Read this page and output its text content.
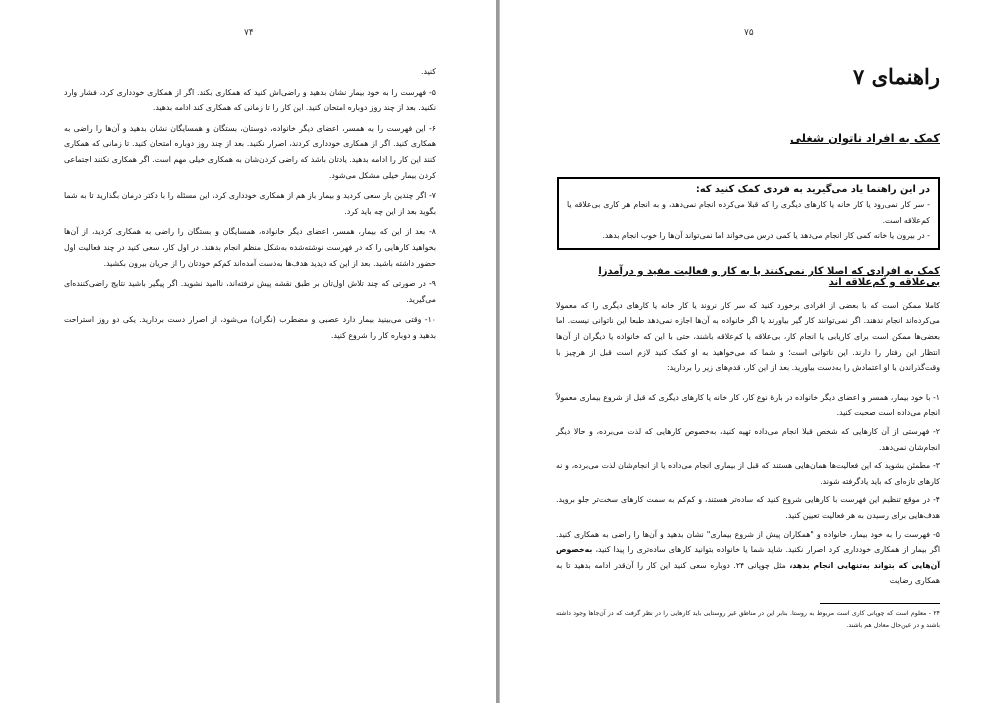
۷۴

کنید.

۵- فهرست را به خود بیمار نشان بدهید و راضی‌اش کنید که همکاری بکند. اگر از همکاری خودداری کرد، فشار وارد نکنید. بعد از چند روز دوباره امتحان کنید. این کار را تا زمانی که همکاری کند ادامه بدهید.

۶- این فهرست را به همسر، اعضای دیگر خانواده، دوستان، بستگان و همسایگان نشان بدهید و آن‌ها را راضی به همکاری کنید. اگر از همکاری خودداری کردند، اصرار نکنید. بعد از چند روز دوباره امتحان کنید. تا زمانی که همکاری کنند این کار را ادامه بدهید. یادتان باشد که راضی کردن‌شان به همکاری خیلی مهم است. اگر همکاری نکنند اجتماعی کردن بیمار خیلی مشکل می‌شود.

۷- اگر چندین بار سعی کردید و بیمار باز هم از همکاری خودداری کرد، این مسئله را با دکتر درمان بگذارید تا به شما بگوید بعد از این چه باید کرد.

۸- بعد از این که بیمار، همسر، اعضای دیگر خانواده، همسایگان و بستگان را راضی به همکاری کردید، از آن‌ها بخواهید کارهایی را که در فهرست نوشته‌شده به‌شکل منظم انجام بدهند. در اول کار، سعی کنید در چند فعالیت اول حضور داشته باشید. بعد از این که دیدید هدف‌ها به‌دست آمده‌اند کم‌کم خودتان را از جریان بیرون بکشید.

۹- در صورتی که چند تلاش اول‌تان بر طبق نقشه پیش نرفته‌اند، ناامید نشوید. اگر پیگیر باشید نتایج راضی‌کننده‌ای می‌گیرید.

۱۰- وقتی می‌بینید بیمار دارد عصبی و مضطرب (نگران) می‌شود، از اصرار دست بردارید. یکی دو روز استراحت بدهید و دوباره کار را شروع کنید.

۷۵
راهنمای ۷
کمک به افراد ناتوان شغلی
در این راهنما یاد می‌گیرید به فردی کمک کنید که:

- سر کار نمی‌رود یا کار خانه یا کارهای دیگری را که قبلا می‌کرده انجام نمی‌دهد، و به انجام هر کاری بی‌علاقه یا کم‌علاقه است.

- در بیرون یا خانه کمی کار انجام می‌دهد یا کمی درس می‌خواند اما نمی‌تواند آن‌ها را خوب انجام بدهد.

کمک به افرادی که اصلا کار نمی‌کنند یا به کار و فعالیت مفید و درآمدزا بی‌علاقه و کم‌علاقه اند

کاملا ممکن است که با بعضی از افرادی برخورد کنید که سر کار نروند یا کار خانه یا کارهای دیگری را که معمولا می‌کرده‌اند انجام ندهند. اگر نمی‌توانند کار گیر بیاورند یا اگر خانواده به آن‌ها اجازه نمی‌دهد طبعا این ناتوانی نیست. اما بعضی‌ها ممکن است برای کاریابی یا انجام کار، بی‌علاقه یا کم‌علاقه باشند، حتی با این که خانواده یا دیگران از آن‌ها انتظار این رفتار را دارند. این ناتوانی است؛ و شما که می‌خواهید به او کمک کنید لازم است قبل از هرچیز با وقت‌گذراندن با او اعتمادش را به‌دست بیاورید. بعد از این کار، قدم‌های زیر را بردارید:

۱- با خود بیمار، همسر و اعضای دیگر خانواده در بارهٔ نوع کار، کار خانه یا کارهای دیگری که قبل از شروع بیماری معمولاً انجام می‌داده است صحبت کنید.

۲- فهرستی از آن کارهایی که شخص قبلا انجام می‌داده تهیه کنید، به‌خصوص کارهایی که لذت می‌برده، و حالا دیگر انجام‌شان نمی‌دهد.

۳- مطمئن بشوید که این فعالیت‌ها همان‌هایی هستند که قبل از بیماری انجام می‌داده یا از انجام‌شان لذت می‌برده، و نه کارهای تازه‌ای که باید یادگرفته شوند.

۴- در موقع تنظیم این فهرست با کارهایی شروع کنید که ساده‌تر هستند، و کم‌کم به سمت کارهای سخت‌تر جلو بروید. هدف‌هایی برای رسیدن به هر فعالیت تعیین کنید.

۵- فهرست را به خود بیمار، خانواده و "همکاران پیش از شروع بیماری" نشان بدهید و آن‌ها را راضی به همکاری کنید. اگر بیمار از همکاری خودداری کرد اصرار نکنید. شاید شما یا خانواده بتوانید کارهای ساده‌تری را پیدا کنید، به‌خصوص آن‌هایی که بتواند به‌تنهایی انجام بدهد، مثل چوپانی ۲۴. دوباره سعی کنید این کار را آن‌قدر ادامه بدهید تا به همکاری رضایت

۲۴ - معلوم است که چوپانی کاری است مربوط به روستا. بنابر این در مناطق غیر روستایی باید کارهایی را در نظر گرفت که در آن‌جاها وجود داشته باشند و در عین‌حال معادل هم باشند.
